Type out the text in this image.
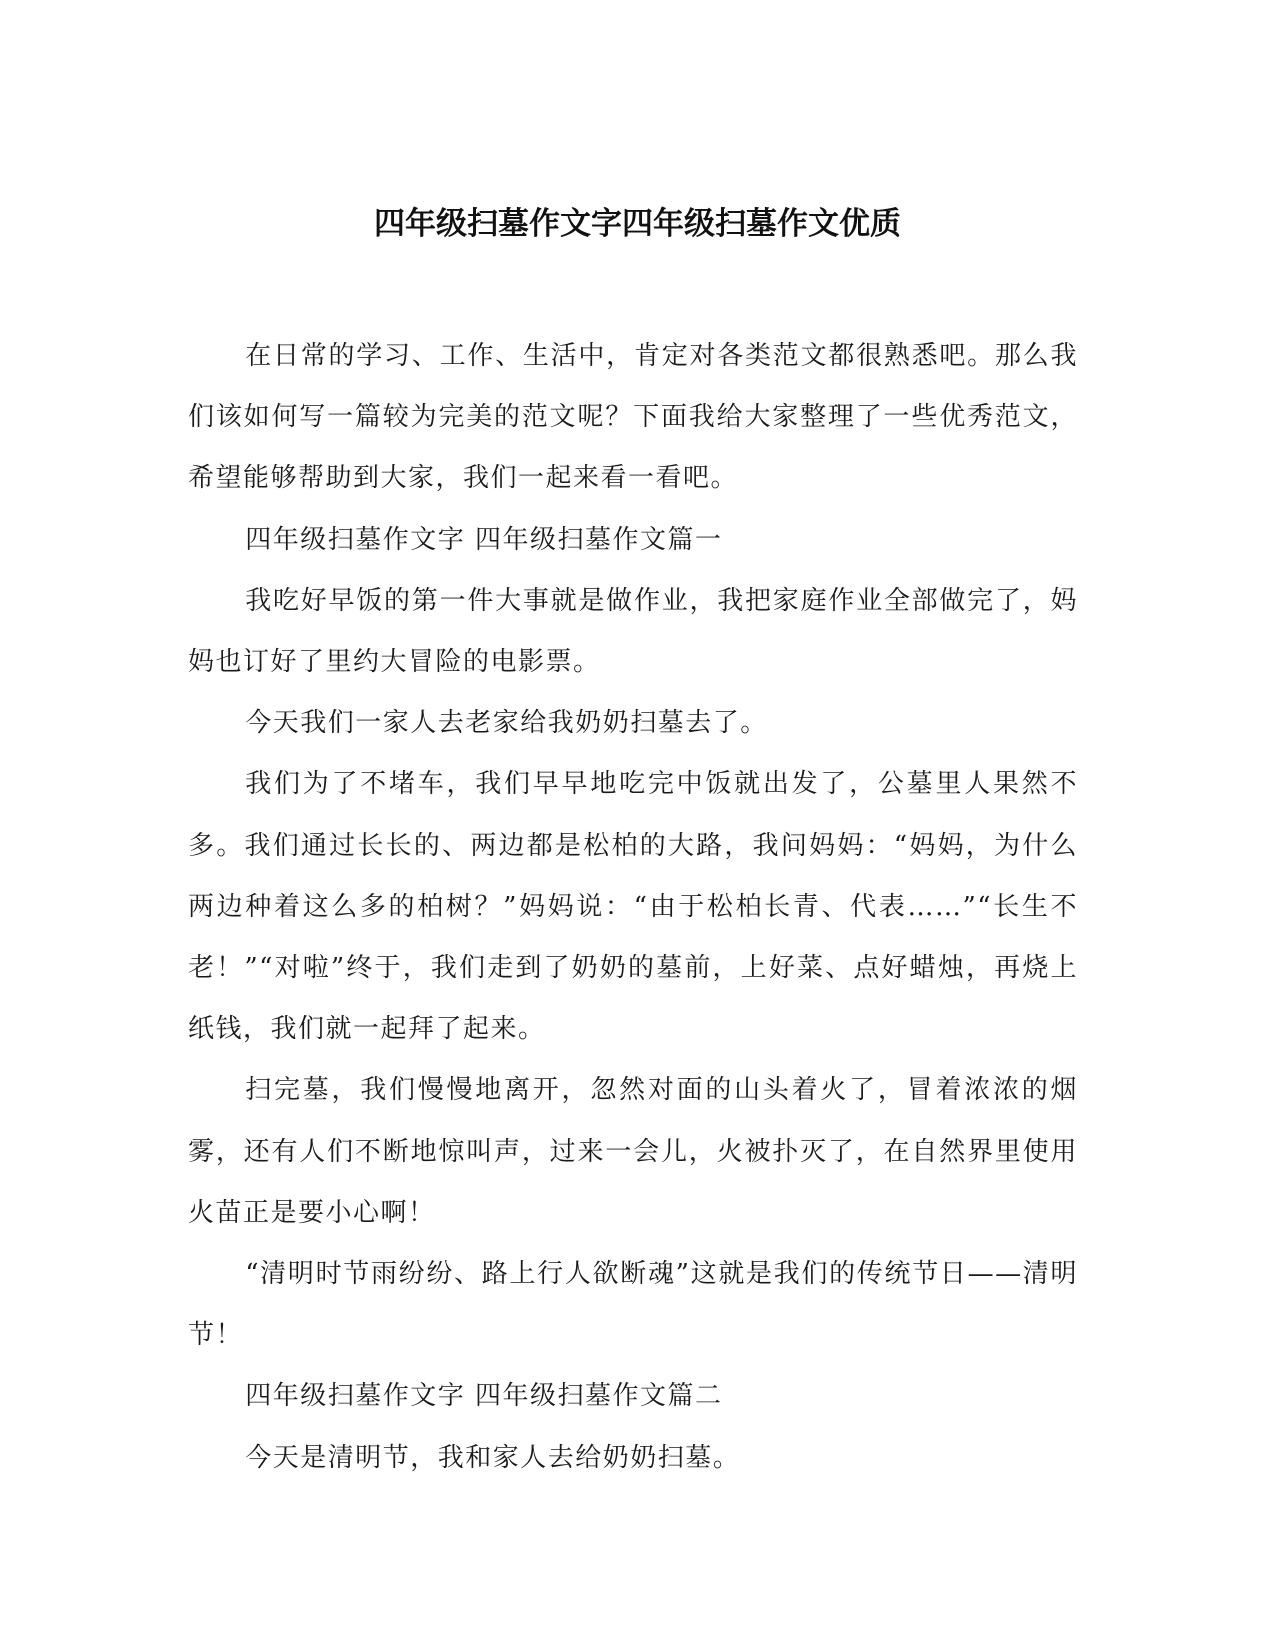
四年级扫墓作文字四年级扫墓作文优质

在日常的学习、工作、生活中，肯定对各类范文都很熟悉吧。那么我们该如何写一篇较为完美的范文呢？下面我给大家整理了一些优秀范文，希望能够帮助到大家，我们一起来看一看吧。

四年级扫墓作文字 四年级扫墓作文篇一

我吃好早饭的第一件大事就是做作业，我把家庭作业全部做完了，妈妈也订好了里约大冒险的电影票。

今天我们一家人去老家给我奶奶扫墓去了。

我们为了不堵车，我们早早地吃完中饭就出发了，公墓里人果然不多。我们通过长长的、两边都是松柏的大路，我问妈妈：“妈妈，为什么两边种着这么多的柏树？”妈妈说：“由于松柏长青、代表……”“长生不老！”“对啦”终于，我们走到了奶奶的墓前，上好菜、点好蜡烛，再烧上纸钱，我们就一起拜了起来。

扫完墓，我们慢慢地离开，忽然对面的山头着火了，冒着浓浓的烟雾，还有人们不断地惊叫声，过来一会儿，火被扑灭了，在自然界里使用火苗正是要小心啊！

“清明时节雨纷纷、路上行人欲断魂”这就是我们的传统节日——清明节！

四年级扫墓作文字 四年级扫墓作文篇二

今天是清明节，我和家人去给奶奶扫墓。
